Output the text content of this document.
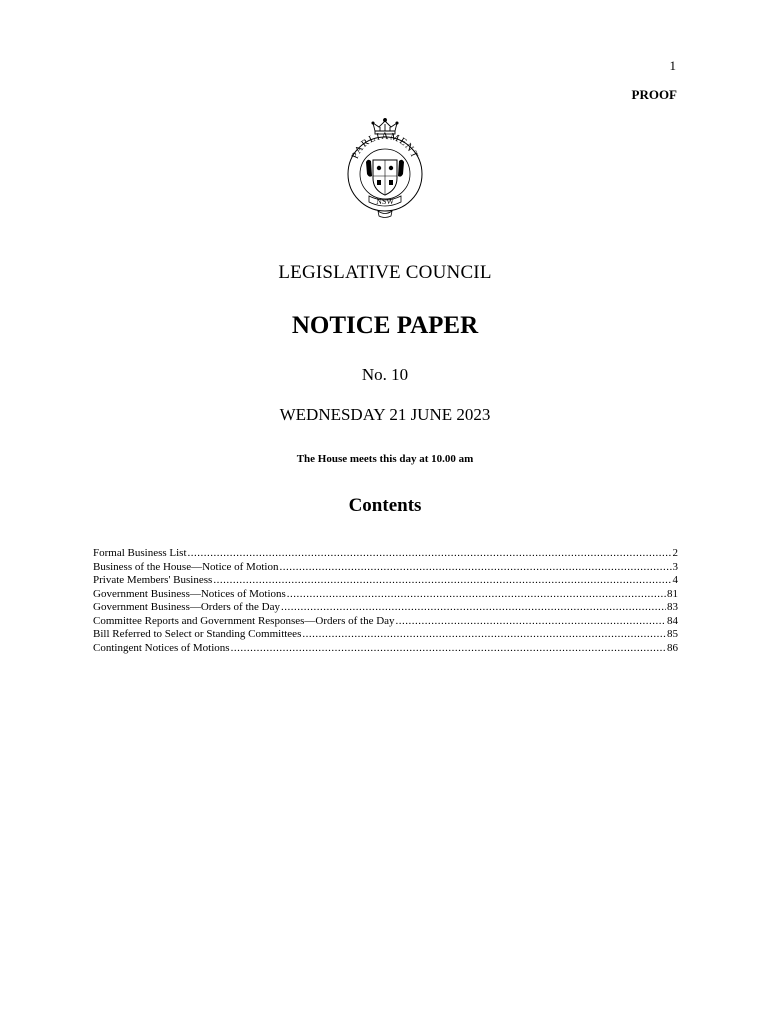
1
PROOF
PARLIAMENT
NSW
LEGISLATIVE COUNCIL
NOTICE PAPER
No. 10
WEDNESDAY 21 JUNE 2023
The House meets this day at 10.00 am
Contents
Formal Business List .....	2
Business of the House—Notice of Motion .....	3
Private Members' Business .....	4
Government Business—Notices of Motions .....	81
Government Business—Orders of the Day .....	83
Committee Reports and Government Responses—Orders of the Day .....	84
Bill Referred to Select or Standing Committees .....	85
Contingent Notices of Motions .....	86
